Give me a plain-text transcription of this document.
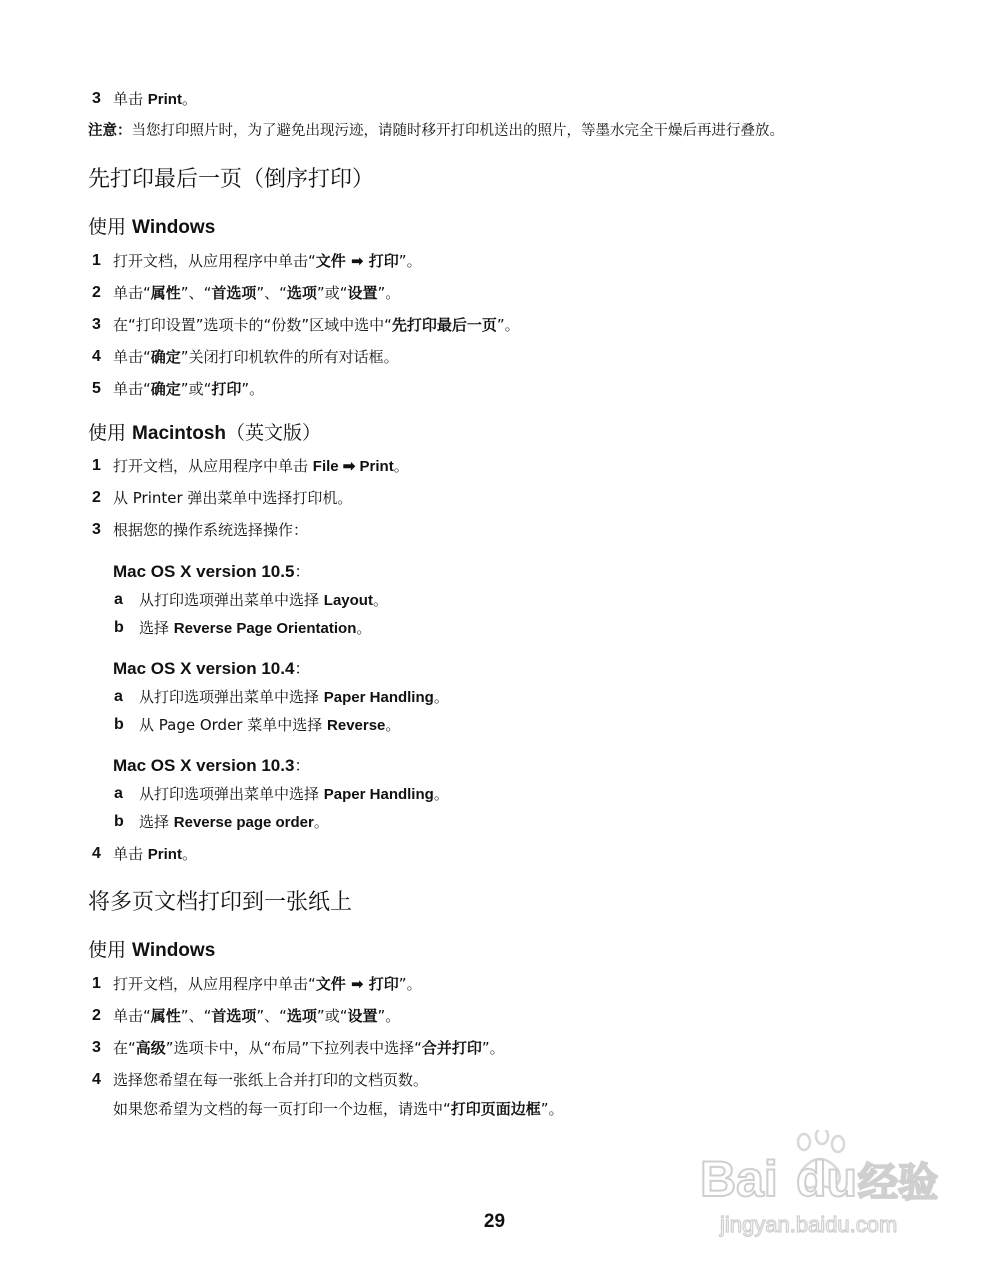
3 单击 Print。
注意：当您打印照片时，为了避免出现污迹，请随时移开打印机送出的照片，等墨水完全干燥后再进行叠放。
先打印最后一页（倒序打印）
使用 Windows
1 打开文档，从应用程序中单击“文件 ➡ 打印”。
2 单击“属性”、“首选项”、“选项”或“设置”。
3 在“打印设置”选项卡的“份数”区域中选中“先打印最后一页”。
4 单击“确定”关闭打印机软件的所有对话框。
5 单击“确定”或“打印”。
使用 Macintosh（英文版）
1 打开文档，从应用程序中单击 File ➡ Print。
2 从 Printer 弹出菜单中选择打印机。
3 根据您的操作系统选择操作：
Mac OS X version 10.5：
a 从打印选项弹出菜单中选择 Layout。
b 选择 Reverse Page Orientation。
Mac OS X version 10.4：
a 从打印选项弹出菜单中选择 Paper Handling。
b 从 Page Order 菜单中选择 Reverse。
Mac OS X version 10.3：
a 从打印选项弹出菜单中选择 Paper Handling。
b 选择 Reverse page order。
4 单击 Print。
将多页文档打印到一张纸上
使用 Windows
1 打开文档，从应用程序中单击“文件 ➡ 打印”。
2 单击“属性”、“首选项”、“选项”或“设置”。
3 在“高级”选项卡中，从“布局”下拉列表中选择“合并打印”。
4 选择您希望在每一张纸上合并打印的文档页数。
如果您希望为文档的每一页打印一个边框，请选中“打印页面边框”。
Bai du 经验
jingyan.baidu.com
29
